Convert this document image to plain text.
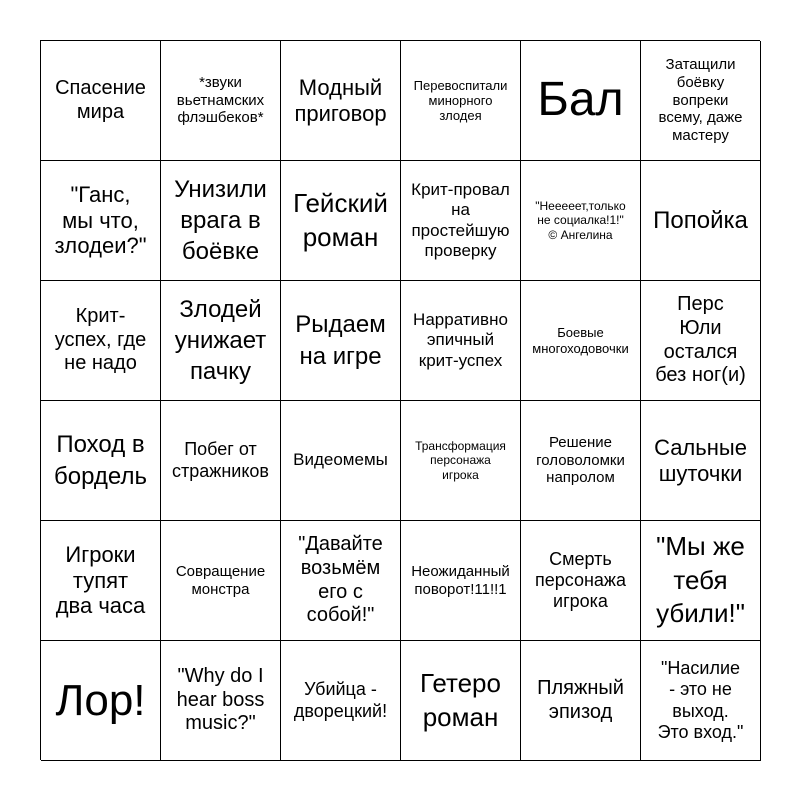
Спасение
мира
*звуки
вьетнамских
флэшбеков*
Модный
приговор
Перевоспитали
минорного
злодея	Бал
Затащили
боёвку
вопреки
всему, даже
мастеру
"Ганс,
мы что,
злодеи?"
Унизили
врага в
боёвке
Гейский
роман
Крит-провал
на
простейшую
проверку
"Неееeет,только
не социалка!1!"
© Ангелина
Попойка
Крит-
успех, где
не надо
Злодей
унижает
пачку
Рыдаем
на игре
Нарративно
эпичный
крит-успех
Боевые
многоходовочки
Перс
Юли
остался
без ног(и)
Поход в
бордель
Побег от
стражников
Видеомемы
Трансформация
персонажа
игрока
Решение
головоломки
напролом
Сальные
шуточки
Игроки
тупят
два часа
Совращение
монстра
"Давайте
возьмём
его с
собой!"
Неожиданный
поворот!11!!1
Смерть
персонажа
игрока
"Мы же
тебя
убили!"
Лор! "Why do I
hear boss
music?"
Убийца -
дворецкий!
Гетеро
роман
Пляжный
эпизод
"Насилие
- это не
выход.
Это вход."
